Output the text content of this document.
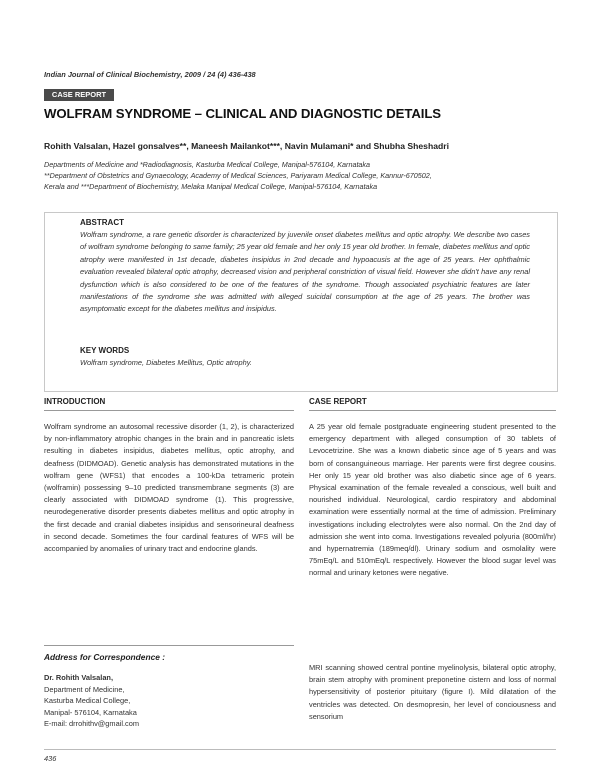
Indian Journal of Clinical Biochemistry, 2009 / 24 (4) 436-438
CASE REPORT
WOLFRAM SYNDROME – CLINICAL AND DIAGNOSTIC DETAILS
Rohith Valsalan, Hazel gonsalves**, Maneesh Mailankot***, Navin Mulamani* and Shubha Sheshadri
Departments of Medicine and *Radiodiagnosis, Kasturba Medical College, Manipal-576104, Karnataka
**Department of Obstetrics and Gynaecology, Academy of Medical Sciences, Pariyaram Medical College, Kannur-670502,
Kerala and ***Department of Biochemistry, Melaka Manipal Medical College, Manipal-576104, Karnataka
ABSTRACT
Wolfram syndrome, a rare genetic disorder is characterized by juvenile onset diabetes mellitus and optic atrophy. We describe two cases of wolfram syndrome belonging to same family; 25 year old female and her only 15 year old brother. In female, diabetes mellitus and optic atrophy were manifested in 1st decade, diabetes insipidus in 2nd decade and hypoacusis at the age of 25 years. Her ophthalmic evaluation revealed bilateral optic atrophy, decreased vision and peripheral constriction of visual field. However she didn't have any renal dysfunction which is also considered to be one of the features of the syndrome. Though associated psychiatric features are later manifestations of the syndrome she was admitted with alleged suicidal consumption at the age of 25 years. The brother was asymptomatic except for the diabetes mellitus and insipidus.
KEY WORDS
Wolfram syndrome, Diabetes Mellitus, Optic atrophy.
INTRODUCTION
Wolfram syndrome an autosomal recessive disorder (1, 2), is characterized by non-inflammatory atrophic changes in the brain and in pancreatic islets resulting in diabetes insipidus, diabetes mellitus, optic atrophy, and deafness (DIDMOAD). Genetic analysis has demonstrated mutations in the wolfram gene (WFS1) that encodes a 100-kDa tetrameric protein (wolframin) possessing 9–10 predicted transmembrane segments (3) are clearly associated with DIDMOAD syndrome (1). This progressive, neurodegenerative disorder presents diabetes mellitus and optic atrophy in the first decade and cranial diabetes insipidus and sensorineural deafness in second decade. Sometimes the four cardinal features of WFS will be accompanied by anomalies of urinary tract and endocrine glands.
Address for Correspondence :
Dr. Rohith Valsalan,
Department of Medicine,
Kasturba Medical College,
Manipal- 576104, Karnataka
E-mail: drrohithv@gmail.com
CASE REPORT
A 25 year old female postgraduate engineering student presented to the emergency department with alleged consumption of 30 tablets of Levocetrizine. She was a known diabetic since age of 5 years and was born of consanguineous marriage. Her parents were first degree cousins. Her only 15 year old brother was also diabetic since age of 6 years. Physical examination of the female revealed a conscious, well built and nourished individual. Neurological, cardio respiratory and abdominal examination were essentially normal at the time of admission. Preliminary investigations including electrolytes were also normal. On the 2nd day of admission she went into coma. Investigations revealed polyuria (800ml/hr) and hypernatremia (189meq/dl). Urinary sodium and osmolality were 75mEq/L and 510mEq/L respectively. However the blood sugar level was normal and urinary ketones were negative.
MRI scanning showed central pontine myelinolysis, bilateral optic atrophy, brain stem atrophy with prominent preponetine cistern and loss of normal hypersensitivity of posterior pituitary (figure I). Mild dilatation of the ventricles was detected. On desmopresin, her level of conciousness and sensorium
436
